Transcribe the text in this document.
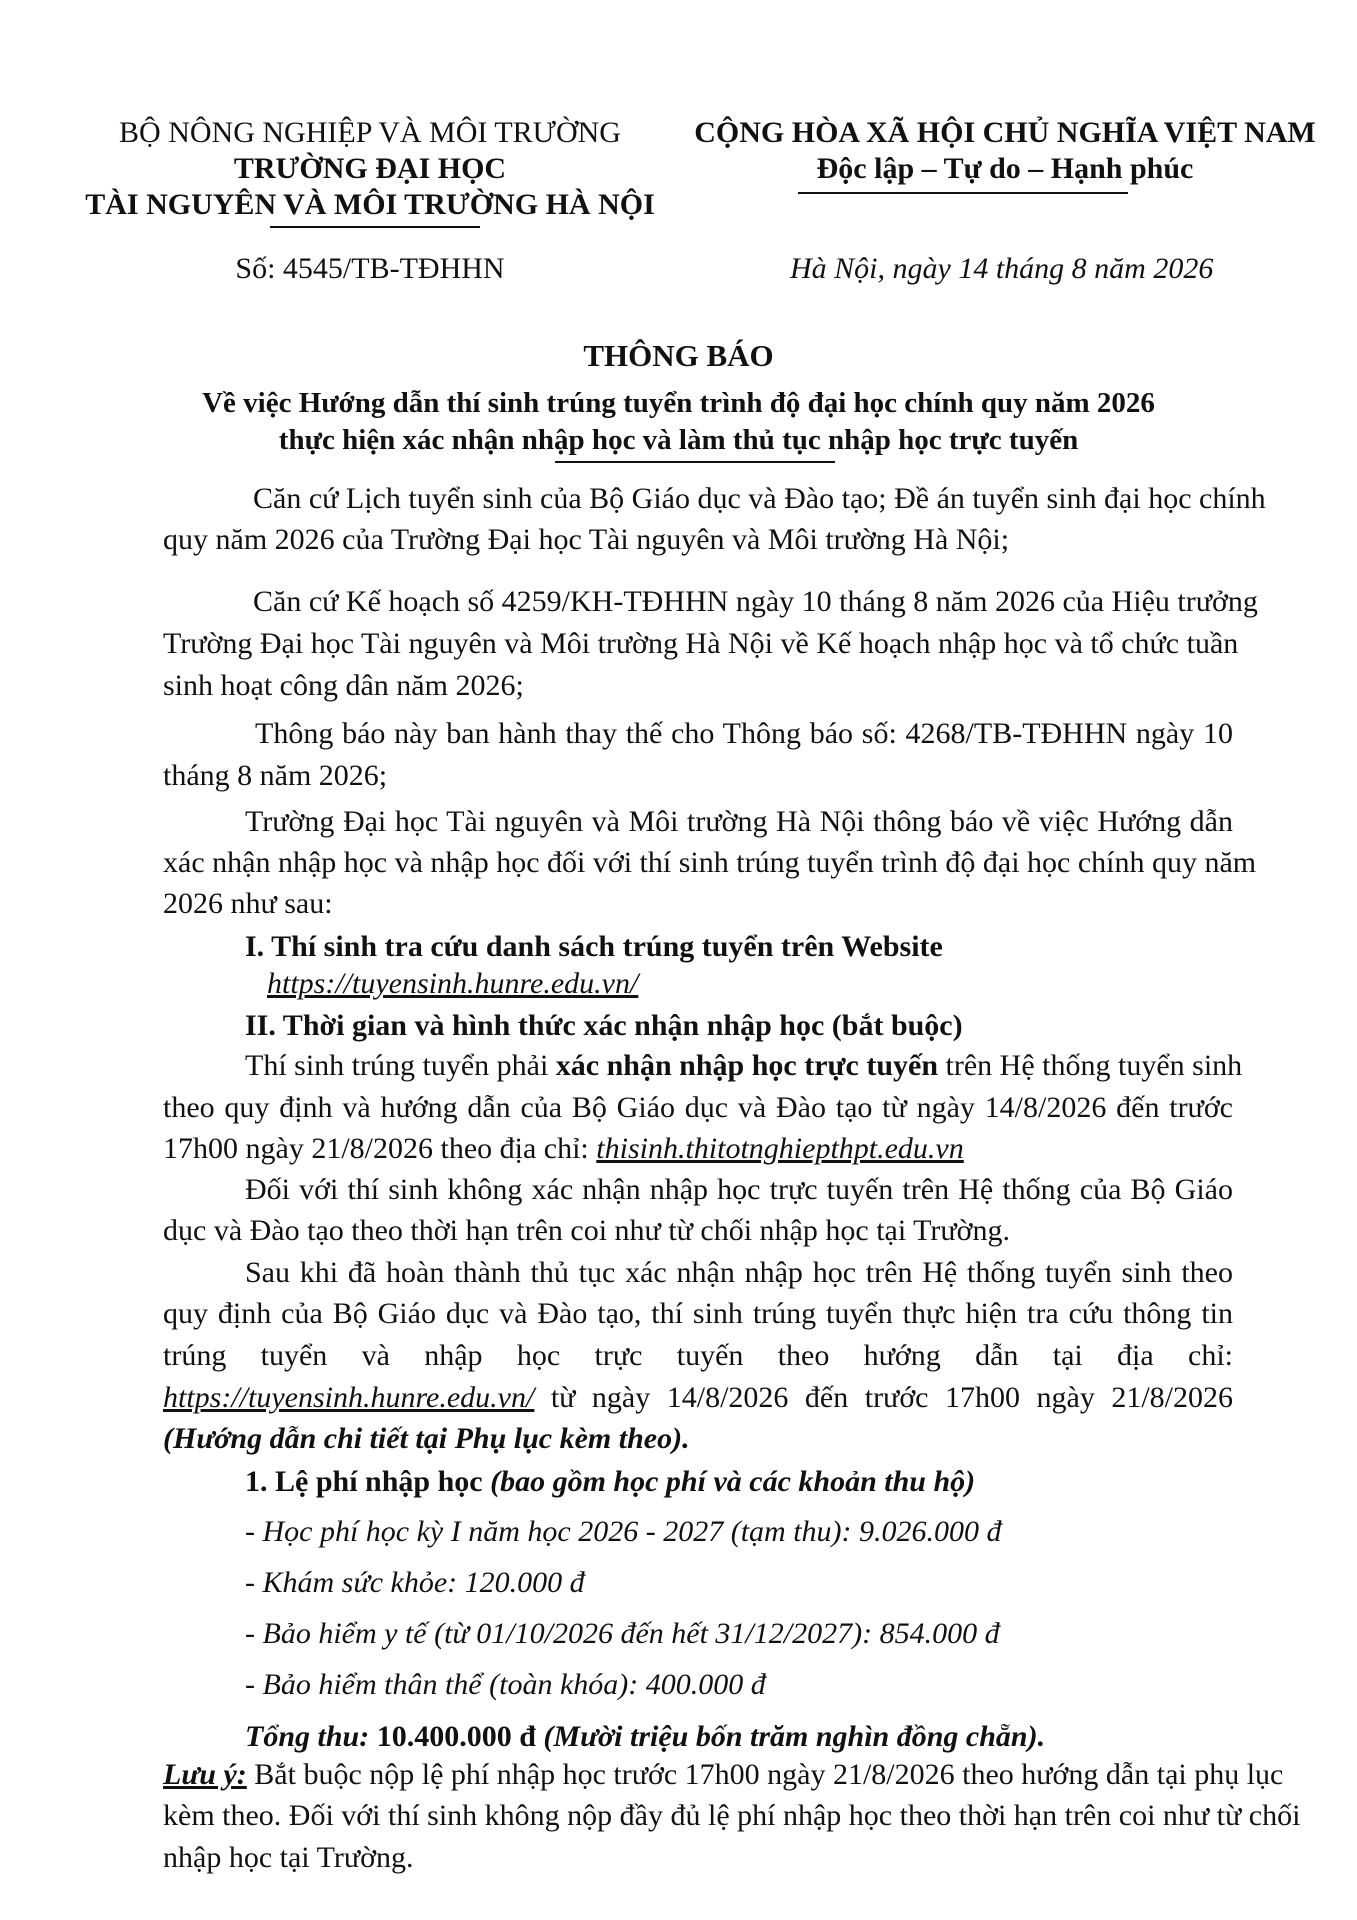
BỘ NÔNG NGHIỆP VÀ MÔI TRƯỜNG
TRƯỜNG ĐẠI HỌC
TÀI NGUYÊN VÀ MÔI TRƯỜNG HÀ NỘI
Số: 4545/TB-TĐHHN
CỘNG HÒA XÃ HỘI CHỦ NGHĨA VIỆT NAM
Độc lập – Tự do – Hạnh phúc
Hà Nội, ngày 14 tháng 8 năm 2026
THÔNG BÁO
Về việc Hướng dẫn thí sinh trúng tuyển trình độ đại học chính quy năm 2026
thực hiện xác nhận nhập học và làm thủ tục nhập học trực tuyến
Căn cứ Lịch tuyển sinh của Bộ Giáo dục và Đào tạo; Đề án tuyển sinh đại học chính
quy năm 2026 của Trường Đại học Tài nguyên và Môi trường Hà Nội;
Căn cứ Kế hoạch số 4259/KH-TĐHHN ngày 10 tháng 8 năm 2026 của Hiệu trưởng
Trường Đại học Tài nguyên và Môi trường Hà Nội về Kế hoạch nhập học và tổ chức tuần
sinh hoạt công dân năm 2026;
Thông báo này ban hành thay thế cho Thông báo số: 4268/TB-TĐHHN ngày 10
tháng 8 năm 2026;
Trường Đại học Tài nguyên và Môi trường Hà Nội thông báo về việc Hướng dẫn
xác nhận nhập học và nhập học đối với thí sinh trúng tuyển trình độ đại học chính quy năm
2026 như sau:
I. Thí sinh tra cứu danh sách trúng tuyển trên Website
https://tuyensinh.hunre.edu.vn/
II. Thời gian và hình thức xác nhận nhập học (bắt buộc)
Thí sinh trúng tuyển phải xác nhận nhập học trực tuyến trên Hệ thống tuyển sinh
theo quy định và hướng dẫn của Bộ Giáo dục và Đào tạo từ ngày 14/8/2026 đến trước
17h00 ngày 21/8/2026 theo địa chỉ: thisinh.thitotnghiepthpt.edu.vn
Đối với thí sinh không xác nhận nhập học trực tuyến trên Hệ thống của Bộ Giáo
dục và Đào tạo theo thời hạn trên coi như từ chối nhập học tại Trường.
Sau khi đã hoàn thành thủ tục xác nhận nhập học trên Hệ thống tuyển sinh theo
quy định của Bộ Giáo dục và Đào tạo, thí sinh trúng tuyển thực hiện tra cứu thông tin
trúng tuyển và nhập học trực tuyến theo hướng dẫn tại địa chỉ:
https://tuyensinh.hunre.edu.vn/ từ ngày 14/8/2026 đến trước 17h00 ngày 21/8/2026
(Hướng dẫn chi tiết tại Phụ lục kèm theo).
1. Lệ phí nhập học (bao gồm học phí và các khoản thu hộ)
- Học phí học kỳ I năm học 2026 - 2027 (tạm thu): 9.026.000 đ
- Khám sức khỏe: 120.000 đ
- Bảo hiểm y tế (từ 01/10/2026 đến hết 31/12/2027): 854.000 đ
- Bảo hiểm thân thể (toàn khóa): 400.000 đ
Tổng thu: 10.400.000 đ (Mười triệu bốn trăm nghìn đồng chẵn).
Lưu ý: Bắt buộc nộp lệ phí nhập học trước 17h00 ngày 21/8/2026 theo hướng dẫn tại phụ lục
kèm theo. Đối với thí sinh không nộp đầy đủ lệ phí nhập học theo thời hạn trên coi như từ chối
nhập học tại Trường.
